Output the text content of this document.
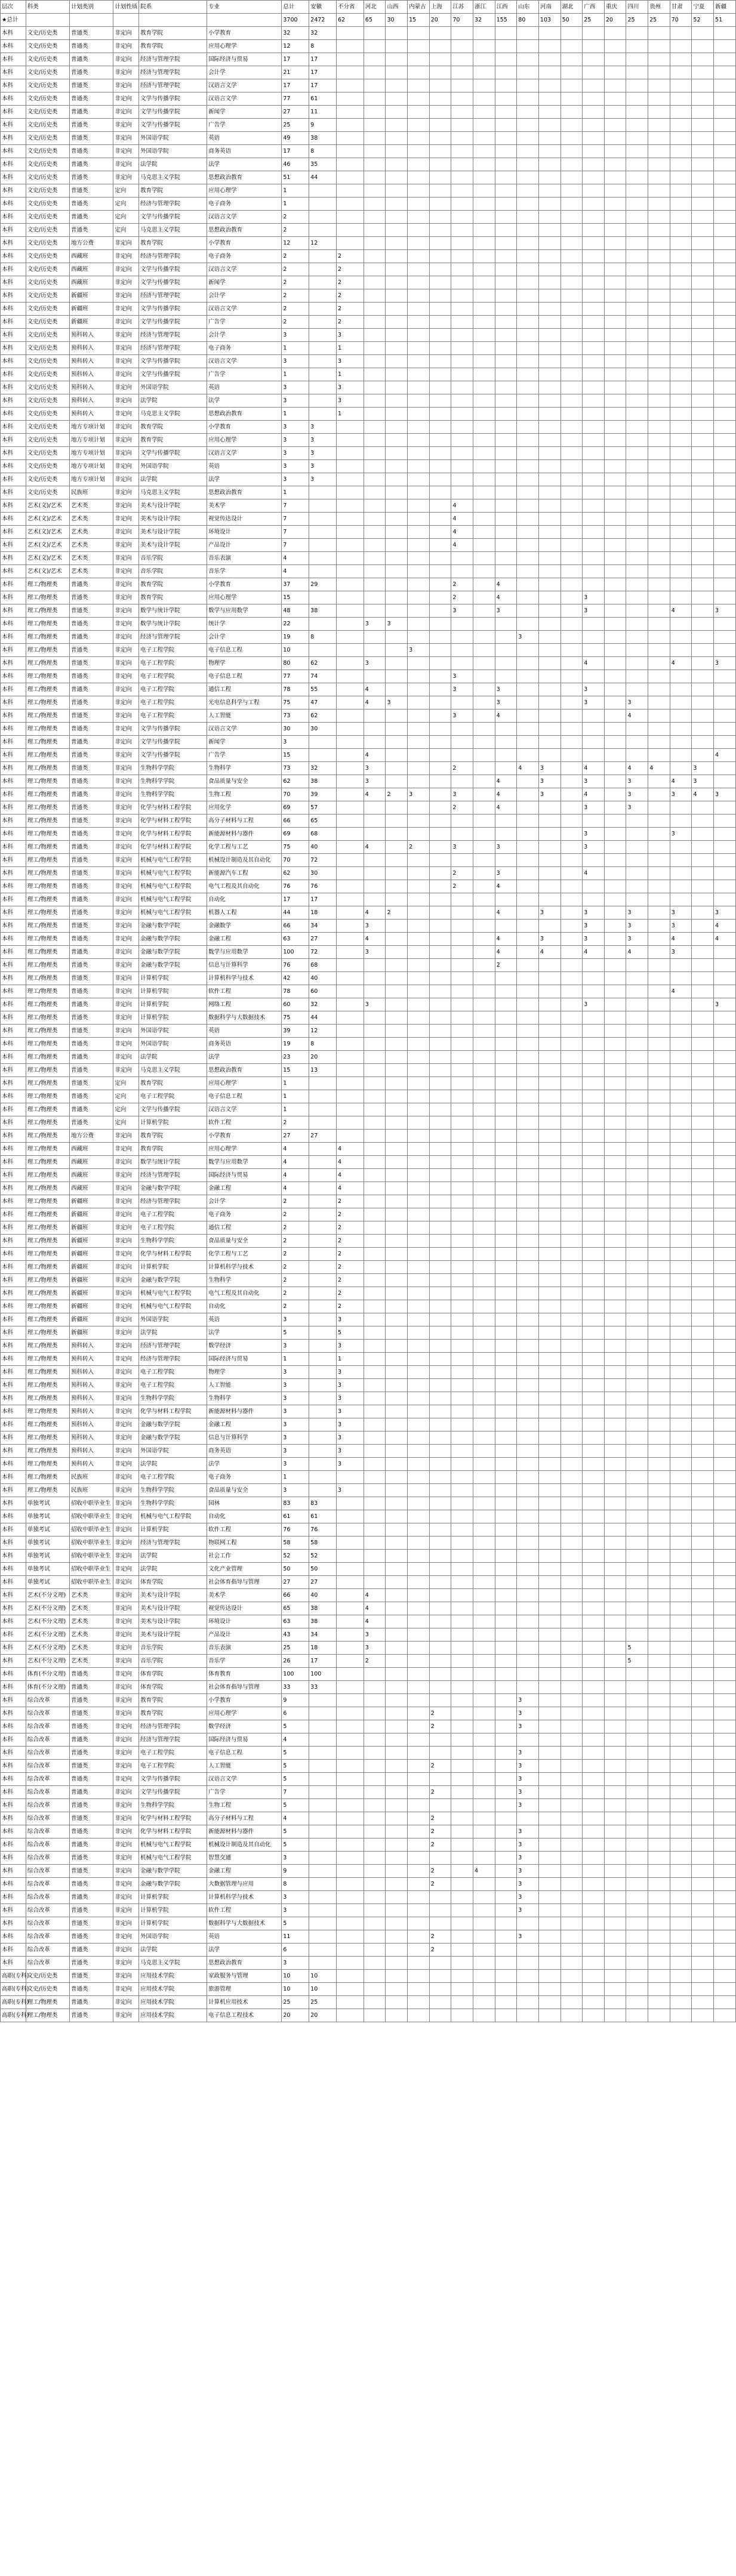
层次	科类	计划类别	计划性质	院系	专业	总计	安徽	不分省	河北	山西	内蒙古	上海	江苏	浙江	江西	山东	河南	湖北	广西	重庆	四川	贵州	甘肃	宁夏	新疆
★总计						3700	2472	62	65	30	15	20	70	32	155	80	103	50	25	20	25	25	70	52	51
本科	文史/历史类	普通类	非定向	教育学院	小学教育	32	32																		
本科	文史/历史类	普通类	非定向	教育学院	应用心理学	12	8																		
本科	文史/历史类	普通类	非定向	经济与管理学院	国际经济与贸易	17	17																		
本科	文史/历史类	普通类	非定向	经济与管理学院	会计学	21	17																		
本科	文史/历史类	普通类	非定向	经济与管理学院	汉语言文学	17	17																		
本科	文史/历史类	普通类	非定向	文学与传播学院	汉语言文学	77	61																		
本科	文史/历史类	普通类	非定向	文学与传播学院	新闻学	27	11																		
本科	文史/历史类	普通类	非定向	文学与传播学院	广告学	25	9																		
本科	文史/历史类	普通类	非定向	外国语学院	英语	49	38																		
本科	文史/历史类	普通类	非定向	外国语学院	商务英语	17	8																		
本科	文史/历史类	普通类	非定向	法学院	法学	46	35																		
本科	文史/历史类	普通类	非定向	马克思主义学院	思想政治教育	51	44																		
本科	文史/历史类	普通类	定向	教育学院	应用心理学	1																			
本科	文史/历史类	普通类	定向	经济与管理学院	电子商务	1																			
本科	文史/历史类	普通类	定向	文学与传播学院	汉语言文学	2																			
本科	文史/历史类	普通类	定向	马克思主义学院	思想政治教育	2																			
本科	文史/历史类	地方公费	非定向	教育学院	小学教育	12	12																		
本科	文史/历史类	西藏班	非定向	经济与管理学院	电子商务	2		2																	
本科	文史/历史类	西藏班	非定向	文学与传播学院	汉语言文学	2		2																	
本科	文史/历史类	西藏班	非定向	文学与传播学院	新闻学	2		2																	
本科	文史/历史类	新疆班	非定向	经济与管理学院	会计学	2		2																	
本科	文史/历史类	新疆班	非定向	文学与传播学院	汉语言文学	2		2																	
本科	文史/历史类	新疆班	非定向	文学与传播学院	广告学	2		2																	
本科	文史/历史类	预科转入	非定向	经济与管理学院	会计学	3		3																	
本科	文史/历史类	预科转入	非定向	经济与管理学院	电子商务	1		1																	
本科	文史/历史类	预科转入	非定向	文学与传播学院	汉语言文学	3		3																	
本科	文史/历史类	预科转入	非定向	文学与传播学院	广告学	1		1																	
本科	文史/历史类	预科转入	非定向	外国语学院	英语	3		3																	
本科	文史/历史类	预科转入	非定向	法学院	法学	3		3																	
本科	文史/历史类	预科转入	非定向	马克思主义学院	思想政治教育	1		1																	
本科	文史/历史类	地方专项计划	非定向	教育学院	小学教育	3	3																		
本科	文史/历史类	地方专项计划	非定向	教育学院	应用心理学	3	3																		
本科	文史/历史类	地方专项计划	非定向	文学与传播学院	汉语言文学	3	3																		
本科	文史/历史类	地方专项计划	非定向	外国语学院	英语	3	3																		
本科	文史/历史类	地方专项计划	非定向	法学院	法学	3	3																		
本科	文史/历史类	民族班	非定向	马克思主义学院	思想政治教育	1																			
本科	艺术(文)/艺术	艺术类	非定向	美术与设计学院	美术学	7							4												
本科	艺术(文)/艺术	艺术类	非定向	美术与设计学院	视觉传达设计	7							4												
本科	艺术(文)/艺术	艺术类	非定向	美术与设计学院	环境设计	7							4												
本科	艺术(文)/艺术	艺术类	非定向	美术与设计学院	产品设计	7							4												
本科	艺术(文)/艺术	艺术类	非定向	音乐学院	音乐表演	4																			
本科	艺术(文)/艺术	艺术类	非定向	音乐学院	音乐学	4																			
本科	理工/物理类	普通类	非定向	教育学院	小学教育	37	29						2		4										
本科	理工/物理类	普通类	非定向	教育学院	应用心理学	15							2		4				3						
本科	理工/物理类	普通类	非定向	数学与统计学院	数学与应用数学	48	38						3		3				3				4		3
本科	理工/物理类	普通类	非定向	数学与统计学院	统计学	22			3	3															
本科	理工/物理类	普通类	非定向	经济与管理学院	会计学	19	8									3									
本科	理工/物理类	普通类	非定向	电子工程学院	电子信息工程	10					3														
本科	理工/物理类	普通类	非定向	电子工程学院	物理学	80	62		3										4				4		3
本科	理工/物理类	普通类	非定向	电子工程学院	电子信息工程	77	74						3												
本科	理工/物理类	普通类	非定向	电子工程学院	通信工程	78	55		4				3		3				3						
本科	理工/物理类	普通类	非定向	电子工程学院	光电信息科学与工程	75	47		4	3					3				3		3				
本科	理工/物理类	普通类	非定向	电子工程学院	人工智能	73	62						3		4						4				
本科	理工/物理类	普通类	非定向	文学与传播学院	汉语言文学	30	30																		
本科	理工/物理类	普通类	非定向	文学与传播学院	新闻学	3																			
本科	理工/物理类	普通类	非定向	文学与传播学院	广告学	15			4																4
本科	理工/物理类	普通类	非定向	生物科学学院	生物科学	73	32		3				2			4	3		4		4	4		3	
本科	理工/物理类	普通类	非定向	生物科学学院	食品质量与安全	62	38		3						4		3		3		3		4	3	
本科	理工/物理类	普通类	非定向	生物科学学院	生物工程	70	39		4	2	3		3		4		3		4		3		3	4	3
本科	理工/物理类	普通类	非定向	化学与材料工程学院	应用化学	69	57						2		4				3		3				
本科	理工/物理类	普通类	非定向	化学与材料工程学院	高分子材料与工程	66	65																		
本科	理工/物理类	普通类	非定向	化学与材料工程学院	新能源材料与器件	69	68												3				3		
本科	理工/物理类	普通类	非定向	化学与材料工程学院	化学工程与工艺	75	40		4		2		3		3				3						
本科	理工/物理类	普通类	非定向	机械与电气工程学院	机械设计制造及其自动化	70	72																		
本科	理工/物理类	普通类	非定向	机械与电气工程学院	新能源汽车工程	62	30						2		3				4						
本科	理工/物理类	普通类	非定向	机械与电气工程学院	电气工程及其自动化	76	76						2		4										
本科	理工/物理类	普通类	非定向	机械与电气工程学院	自动化	17	17																		
本科	理工/物理类	普通类	非定向	机械与电气工程学院	机器人工程	44	18		4	2					4		3		3		3		3		3
本科	理工/物理类	普通类	非定向	金融与数学学院	金融数学	66	34		3										3		3		3		4
本科	理工/物理类	普通类	非定向	金融与数学学院	金融工程	63	27		4						4		3		3		3		4		4
本科	理工/物理类	普通类	非定向	金融与数学学院	数学与应用数学	100	72		3						4		4		4		4		3		
本科	理工/物理类	普通类	非定向	金融与数学学院	信息与计算科学	76	68								2										
本科	理工/物理类	普通类	非定向	计算机学院	计算机科学与技术	42	40																		
本科	理工/物理类	普通类	非定向	计算机学院	软件工程	78	60																4		
本科	理工/物理类	普通类	非定向	计算机学院	网络工程	60	32		3										3						3
本科	理工/物理类	普通类	非定向	计算机学院	数据科学与大数据技术	75	44																		
本科	理工/物理类	普通类	非定向	外国语学院	英语	39	12																		
本科	理工/物理类	普通类	非定向	外国语学院	商务英语	19	8																		
本科	理工/物理类	普通类	非定向	法学院	法学	23	20																		
本科	理工/物理类	普通类	非定向	马克思主义学院	思想政治教育	15	13																		
本科	理工/物理类	普通类	定向	教育学院	应用心理学	1																			
本科	理工/物理类	普通类	定向	电子工程学院	电子信息工程	1																			
本科	理工/物理类	普通类	定向	文学与传播学院	汉语言文学	1																			
本科	理工/物理类	普通类	定向	计算机学院	软件工程	2																			
本科	理工/物理类	地方公费	非定向	教育学院	小学教育	27	27																		
本科	理工/物理类	西藏班	非定向	教育学院	应用心理学	4		4																	
本科	理工/物理类	西藏班	非定向	数学与统计学院	数学与应用数学	4		4																	
本科	理工/物理类	西藏班	非定向	经济与管理学院	国际经济与贸易	4		4																	
本科	理工/物理类	西藏班	非定向	金融与数学学院	金融工程	4		4																	
本科	理工/物理类	新疆班	非定向	经济与管理学院	会计学	2		2																	
本科	理工/物理类	新疆班	非定向	电子工程学院	电子商务	2		2																	
本科	理工/物理类	新疆班	非定向	电子工程学院	通信工程	2		2																	
本科	理工/物理类	新疆班	非定向	生物科学学院	食品质量与安全	2		2																	
本科	理工/物理类	新疆班	非定向	化学与材料工程学院	化学工程与工艺	2		2																	
本科	理工/物理类	新疆班	非定向	计算机学院	计算机科学与技术	2		2																	
本科	理工/物理类	新疆班	非定向	金融与数学学院	生物科学	2		2																	
本科	理工/物理类	新疆班	非定向	机械与电气工程学院	电气工程及其自动化	2		2																	
本科	理工/物理类	新疆班	非定向	机械与电气工程学院	自动化	2		2																	
本科	理工/物理类	新疆班	非定向	外国语学院	英语	3		3																	
本科	理工/物理类	新疆班	非定向	法学院	法学	5		5																	
本科	理工/物理类	预科转入	非定向	经济与管理学院	数学经济	3		3																	
本科	理工/物理类	预科转入	非定向	经济与管理学院	国际经济与贸易	1		1																	
本科	理工/物理类	预科转入	非定向	电子工程学院	物理学	3		3																	
本科	理工/物理类	预科转入	非定向	电子工程学院	人工智能	3		3																	
本科	理工/物理类	预科转入	非定向	生物科学学院	生物科学	3		3																	
本科	理工/物理类	预科转入	非定向	化学与材料工程学院	新能源材料与器件	3		3																	
本科	理工/物理类	预科转入	非定向	金融与数学学院	金融工程	3		3																	
本科	理工/物理类	预科转入	非定向	金融与数学学院	信息与计算科学	3		3																	
本科	理工/物理类	预科转入	非定向	外国语学院	商务英语	3		3																	
本科	理工/物理类	预科转入	非定向	法学院	法学	3		3																	
本科	理工/物理类	民族班	非定向	电子工程学院	电子商务	1																			
本科	理工/物理类	民族班	非定向	生物科学学院	食品质量与安全	3		3																	
本科	单独考试	招收中职毕业生	非定向	生物科学学院	园林	83	83																		
本科	单独考试	招收中职毕业生	非定向	机械与电气工程学院	自动化	61	61																		
本科	单独考试	招收中职毕业生	非定向	计算机学院	软件工程	76	76																		
本科	单独考试	招收中职毕业生	非定向	经济与管理学院	物联网工程	58	58																		
本科	单独考试	招收中职毕业生	非定向	法学院	社会工作	52	52																		
本科	单独考试	招收中职毕业生	非定向	法学院	文化产业管理	50	50																		
本科	单独考试	招收中职毕业生	非定向	体育学院	社会体育指导与管理	27	27																		
本科	艺术(不分文理)	艺术类	非定向	美术与设计学院	美术学	66	40		4																
本科	艺术(不分文理)	艺术类	非定向	美术与设计学院	视觉传达设计	65	38		4																
本科	艺术(不分文理)	艺术类	非定向	美术与设计学院	环境设计	63	38		4																
本科	艺术(不分文理)	艺术类	非定向	美术与设计学院	产品设计	43	34		3																
本科	艺术(不分文理)	艺术类	非定向	音乐学院	音乐表演	25	18		3												5				
本科	艺术(不分文理)	艺术类	非定向	音乐学院	音乐学	26	17		2												5				
本科	体育(不分文理)	普通类	非定向	体育学院	体育教育	100	100																		
本科	体育(不分文理)	普通类	非定向	体育学院	社会体育指导与管理	33	33																		
本科	综合改革	普通类	非定向	教育学院	小学教育	9										3									
本科	综合改革	普通类	非定向	教育学院	应用心理学	6						2				3									
本科	综合改革	普通类	非定向	经济与管理学院	数学经济	5						2				3									
本科	综合改革	普通类	非定向	经济与管理学院	国际经济与贸易	4																			
本科	综合改革	普通类	非定向	电子工程学院	电子信息工程	5										3									
本科	综合改革	普通类	非定向	电子工程学院	人工智能	5						2				3									
本科	综合改革	普通类	非定向	文学与传播学院	汉语言文学	5										3									
本科	综合改革	普通类	非定向	文学与传播学院	广告学	7						2				3									
本科	综合改革	普通类	非定向	生物科学学院	生物工程	5										3									
本科	综合改革	普通类	非定向	化学与材料工程学院	高分子材料与工程	4						2													
本科	综合改革	普通类	非定向	化学与材料工程学院	新能源材料与器件	5						2				3									
本科	综合改革	普通类	非定向	机械与电气工程学院	机械设计制造及其自动化	5						2				3									
本科	综合改革	普通类	非定向	机械与电气工程学院	智慧交通	3										3									
本科	综合改革	普通类	非定向	金融与数学学院	金融工程	9						2		4		3									
本科	综合改革	普通类	非定向	金融与数学学院	大数据管理与应用	8						2				3									
本科	综合改革	普通类	非定向	计算机学院	计算机科学与技术	3										3									
本科	综合改革	普通类	非定向	计算机学院	软件工程	3										3									
本科	综合改革	普通类	非定向	计算机学院	数据科学与大数据技术	5																			
本科	综合改革	普通类	非定向	外国语学院	英语	11						2				3									
本科	综合改革	普通类	非定向	法学院	法学	6						2													
本科	综合改革	普通类	非定向	马克思主义学院	思想政治教育	3																			
高职(专科)	文史/历史类	普通类	非定向	应用技术学院	家政服务与管理	10	10																		
高职(专科)	文史/历史类	普通类	非定向	应用技术学院	旅游管理	10	10																		
高职(专科)	理工/物理类	普通类	非定向	应用技术学院	计算机应用技术	25	25																		
高职(专科)	理工/物理类	普通类	非定向	应用技术学院	电子信息工程技术	20	20																		
